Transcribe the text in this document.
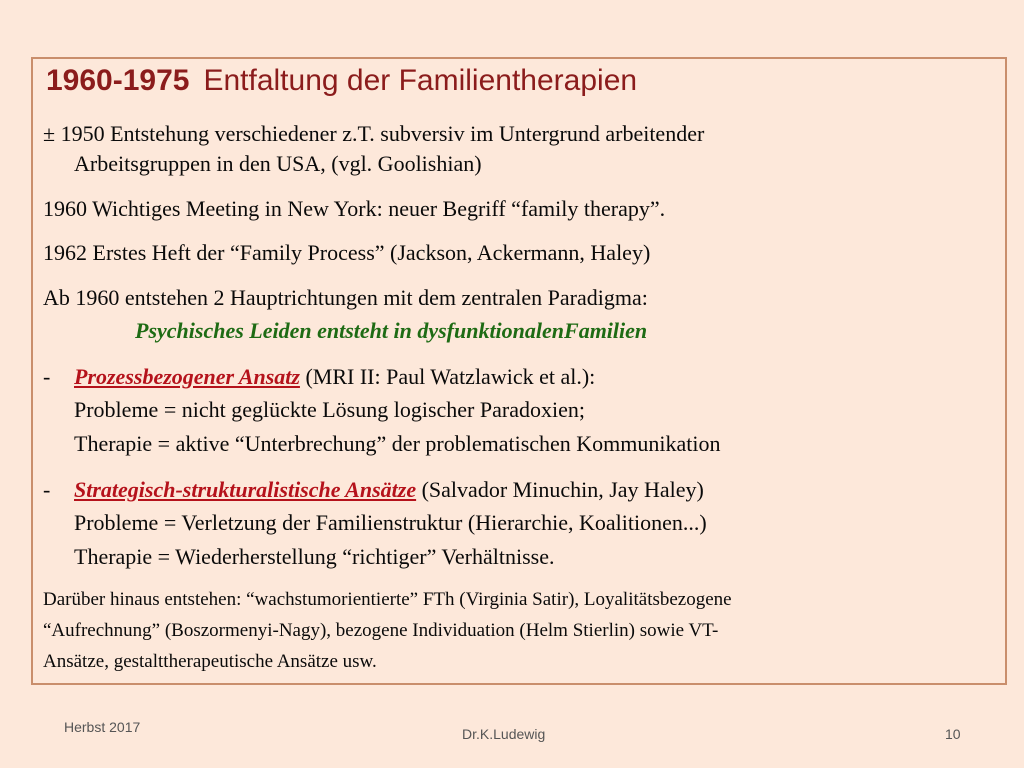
1960-1975 Entfaltung der Familientherapien
± 1950 Entstehung verschiedener z.T. subversiv im Untergrund arbeitender
Arbeitsgruppen in den USA, (vgl. Goolishian)
1960 Wichtiges Meeting in New York: neuer Begriff “family therapy”.
1962 Erstes Heft der “Family Process” (Jackson, Ackermann, Haley)
Ab 1960 entstehen 2 Hauptrichtungen mit dem zentralen Paradigma:
Psychisches Leiden entsteht in dysfunktionalenFamilien
- Prozessbezogener Ansatz (MRI II: Paul Watzlawick et al.):
Probleme = nicht geglückte Lösung logischer Paradoxien;
Therapie = aktive “Unterbrechung” der problematischen Kommunikation
- Strategisch-strukturalistische Ansätze (Salvador Minuchin, Jay Haley)
Probleme = Verletzung der Familienstruktur (Hierarchie, Koalitionen...)
Therapie = Wiederherstellung “richtiger” Verhältnisse.
Darüber hinaus entstehen: “wachstumorientierte” FTh (Virginia Satir), Loyalitätsbezogene
“Aufrechnung” (Boszormenyi-Nagy), bezogene Individuation (Helm Stierlin) sowie VT-
Ansätze, gestalttherapeutische Ansätze usw.
Herbst 2017	Dr.K.Ludewig	10
